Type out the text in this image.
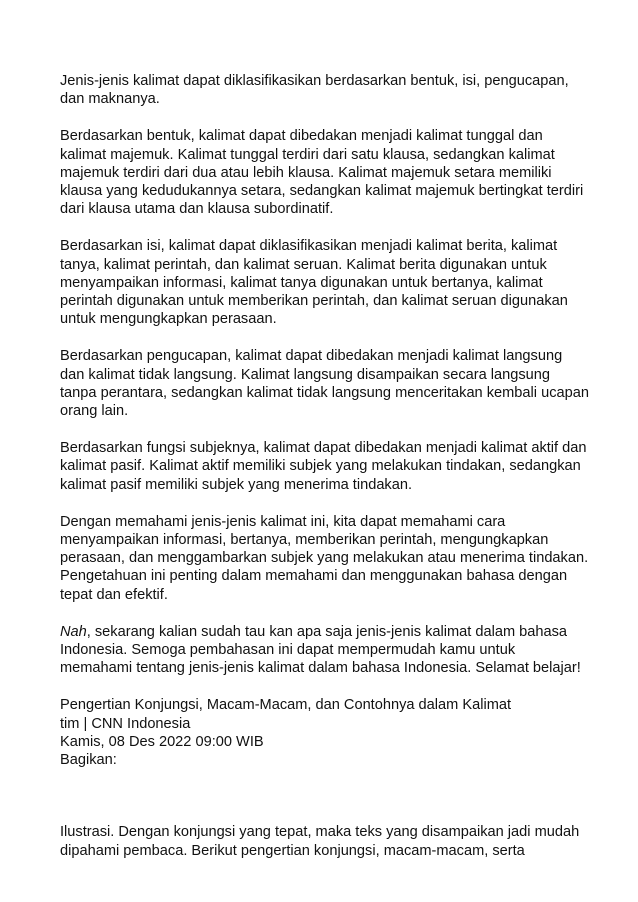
Jenis-jenis kalimat dapat diklasifikasikan berdasarkan bentuk, isi, pengucapan, dan maknanya.

Berdasarkan bentuk, kalimat dapat dibedakan menjadi kalimat tunggal dan kalimat majemuk. Kalimat tunggal terdiri dari satu klausa, sedangkan kalimat majemuk terdiri dari dua atau lebih klausa. Kalimat majemuk setara memiliki klausa yang kedudukannya setara, sedangkan kalimat majemuk bertingkat terdiri dari klausa utama dan klausa subordinatif.

Berdasarkan isi, kalimat dapat diklasifikasikan menjadi kalimat berita, kalimat tanya, kalimat perintah, dan kalimat seruan. Kalimat berita digunakan untuk menyampaikan informasi, kalimat tanya digunakan untuk bertanya, kalimat perintah digunakan untuk memberikan perintah, dan kalimat seruan digunakan untuk mengungkapkan perasaan.

Berdasarkan pengucapan, kalimat dapat dibedakan menjadi kalimat langsung dan kalimat tidak langsung. Kalimat langsung disampaikan secara langsung tanpa perantara, sedangkan kalimat tidak langsung menceritakan kembali ucapan orang lain.

Berdasarkan fungsi subjeknya, kalimat dapat dibedakan menjadi kalimat aktif dan kalimat pasif. Kalimat aktif memiliki subjek yang melakukan tindakan, sedangkan kalimat pasif memiliki subjek yang menerima tindakan.

Dengan memahami jenis-jenis kalimat ini, kita dapat memahami cara menyampaikan informasi, bertanya, memberikan perintah, mengungkapkan perasaan, dan menggambarkan subjek yang melakukan atau menerima tindakan. Pengetahuan ini penting dalam memahami dan menggunakan bahasa dengan tepat dan efektif.

Nah, sekarang kalian sudah tau kan apa saja jenis-jenis kalimat dalam bahasa Indonesia. Semoga pembahasan ini dapat mempermudah kamu untuk memahami tentang jenis-jenis kalimat dalam bahasa Indonesia. Selamat belajar!

Pengertian Konjungsi, Macam-Macam, dan Contohnya dalam Kalimat
tim | CNN Indonesia
Kamis, 08 Des 2022 09:00 WIB
Bagikan:

Ilustrasi. Dengan konjungsi yang tepat, maka teks yang disampaikan jadi mudah dipahami pembaca. Berikut pengertian konjungsi, macam-macam, serta
